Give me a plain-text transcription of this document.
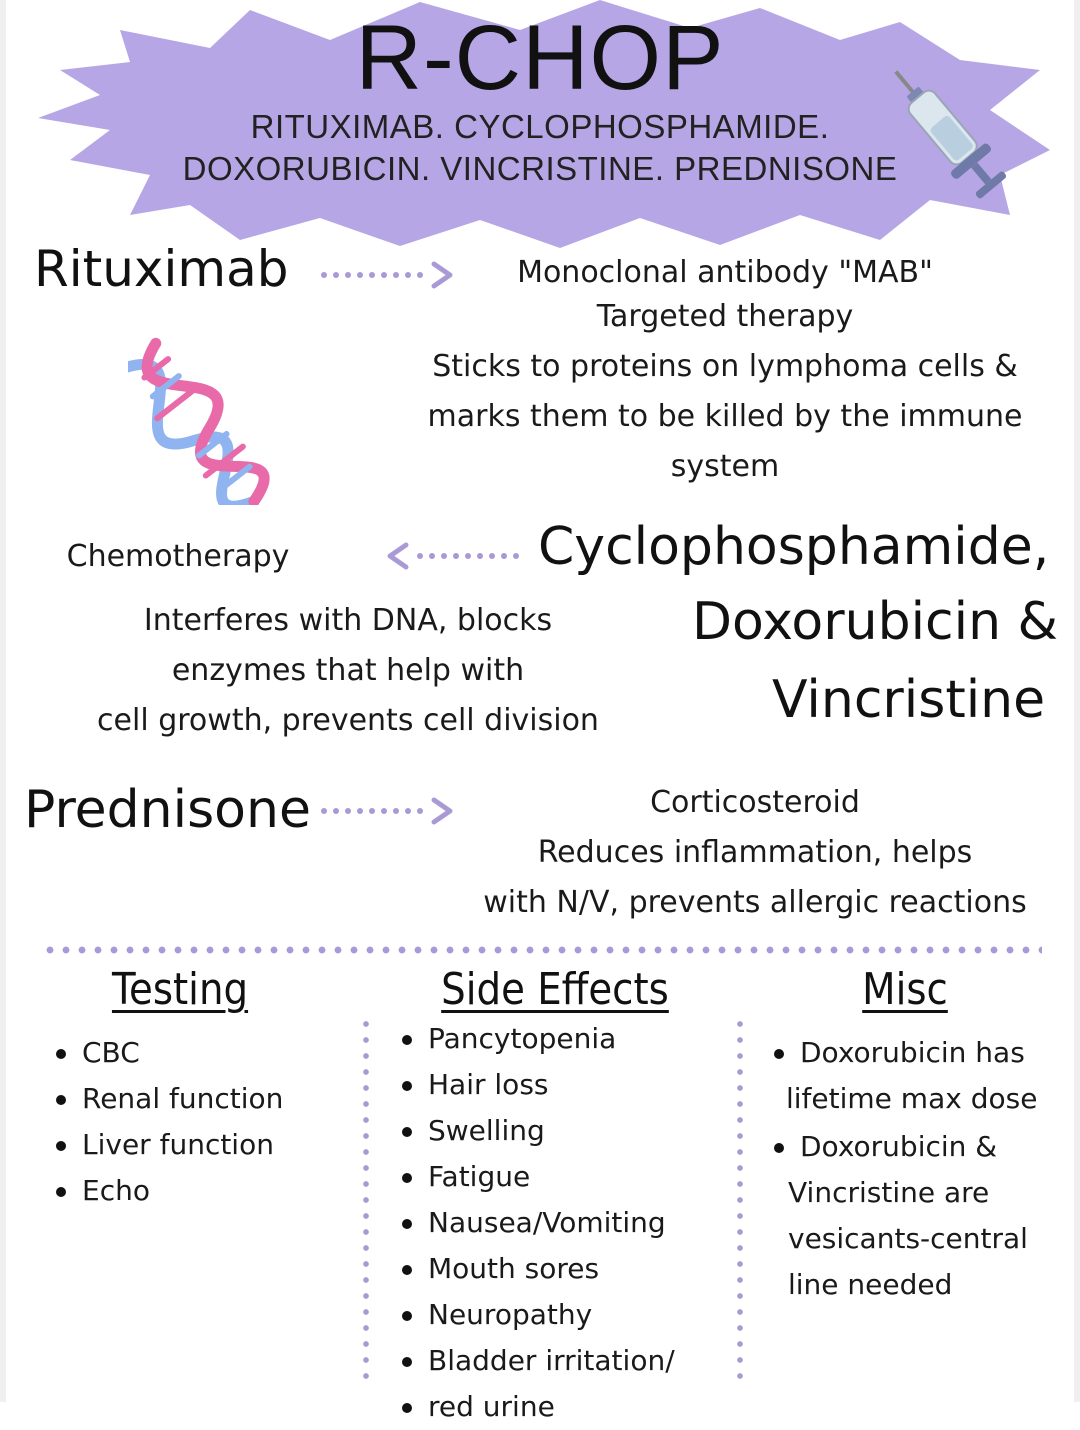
R-CHOP
RITUXIMAB. CYCLOPHOSPHAMIDE.
DOXORUBICIN. VINCRISTINE. PREDNISONE
Rituximab	Monoclonal antibody "MAB"
Targeted therapy
Sticks to proteins on lymphoma cells &
marks them to be killed by the immune
system
Chemotherapy	Cyclophosphamide,
Doxorubicin &
Vincristine
Interferes with DNA, blocks
enzymes that help with
cell growth, prevents cell division
Prednisone	Corticosteroid
Reduces inflammation, helps
with N/V, prevents allergic reactions
Testing
CBC
Renal function
Liver function
Echo
Side Effects
Pancytopenia
Hair loss
Swelling
Fatigue
Nausea/Vomiting
Mouth sores
Neuropathy
Bladder irritation/
red urine
Misc
Doxorubicin has
lifetime max dose
Doxorubicin &
Vincristine are
vesicants-central
line needed
